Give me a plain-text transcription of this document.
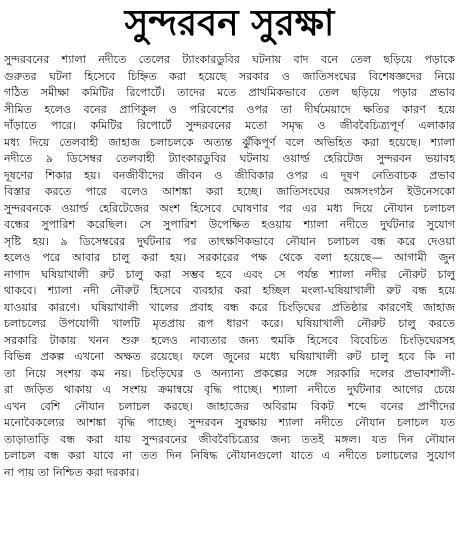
সুন্দরবন সুরক্ষা
সুন্দরবনের শ্যালা নদীতে তেলের ট্যাংকারডুবির ঘটনায় বাদ বনে তেল ছড়িয়ে পড়াকে
গুরুতর ঘটনা হিসেবে চিহ্নিত করা হয়েছে সরকার ও জাতিসংঘের বিশেষজ্ঞদের নিয়ে
গঠিত সমীক্ষা কমিটির রিপোর্টে। তাদের মতে প্রাথমিকভাবে তেল ছড়িয়ে পড়ার প্রভাব
সীমিত হলেও বনের প্রাণিকুল ও পরিবেশের ওপর তা দীর্ঘমেয়াদে ক্ষতির কারণ হয়ে
দাঁড়াতে পারে। কমিটির রিপোর্টে সুন্দরবনের মতো সমৃদ্ধ ও জীববৈচিত্র্যপূর্ণ এলাকার
মধ্য দিয়ে তেলবাহী জাহাজ চলাচলকে অত্যন্ত ঝুঁকিপূর্ণ বলে অভিহিত করা হয়েছে। শ্যালা
নদীতে ৯ ডিসেম্বর তেলবাহী ট্যাংকারডুবির ঘটনায় ওয়ার্ল্ড হেরিটেজ সুন্দরবন ভয়াবহ
দূষণের শিকার হয়। বনজীবীদের জীবন ও জীবিকার ওপর এ দূষণ নেতিবাচক প্রভাব
বিস্তার করতে পারে বলেও আশঙ্কা করা হচ্ছে। জাতিসংঘের অঙ্গসংগঠন ইউনেসকো
সুন্দরবনকে ওয়ার্ল্ড হেরিটেজের অংশ হিসেবে ঘোষণার পর এর মধ্য দিয়ে নৌযান চলাচল
বন্ধের সুপারিশ করেছিল। সে সুপারিশ উপেক্ষিত হওয়ায় শ্যালা নদীতে দুর্ঘটনার সুযোগ
সৃষ্টি হয়। ৯ ডিসেম্বরের দুর্ঘটনার পর তাৎক্ষণিকভাবে নৌযান চলাচল বন্ধ করে দেওয়া
হলেও পরে আবার চালু করা হয়। সরকারের পক্ষ থেকে বলা হয়েছে— আগামী জুন
নাগাদ ঘষিয়াখালী রুট চালু করা সম্ভব হবে এবং সে পর্যন্ত শ্যালা নদীর নৌরুট চালু
থাকবে। শ্যালা নদী নৌরুট হিসেবে ব্যবহার করা হচ্ছিল মংলা-ঘষিয়াখালী রুট বন্ধ হয়ে
যাওয়ার কারণে। ঘষিয়াখালী খালের প্রবাহ বন্ধ করে চিংড়িঘের প্রতিষ্ঠার কারণেই জাহাজ
চলাচলের উপযোগী খালটি মৃতপ্রায় রূপ ধারণ করে। ঘষিয়াখালী নৌরুট চালু করতে
সরকারি টাকায় খনন শুরু হলেও নাব্যতার জন্য হুমকি হিসেবে বিবেচিত চিংড়িঘেরসহ
বিভিন্ন প্রকল্প এখনো অক্ষত রয়েছে। ফলে জুনের মধ্যে ঘষিয়াখালী রুট চালু হবে কি না
তা নিয়ে সংশয় কম নয়। চিংড়িঘের ও অন্যান্য প্রকল্পের সঙ্গে সরকারি দলের প্রভাবশালী-
রা জড়িত থাকায় এ সংশয় ক্রমান্বয়ে বৃদ্ধি পাচ্ছে। শ্যালা নদীতে দুর্ঘটনার আগের চেয়ে
এখন বেশি নৌযান চলাচল করছে। জাহাজের অবিরাম বিকট শব্দে বনের প্রাণীদের
মনোবৈকল্যের আশঙ্কা বৃদ্ধি পাচ্ছে। সুন্দরবন সুরক্ষায় শ্যালা নদীতে নৌযান চলাচল যত
তাড়াতাড়ি বন্ধ করা যায় সুন্দরবনের জীববৈচিত্র্যের জন্য ততই মঙ্গল। যত দিন নৌযান
চলাচল বন্ধ করা যাবে না তত দিন নিষিদ্ধ নৌযানগুলো যাতে এ নদীতে চলাচলের সুযোগ
না পায় তা নিশ্চিত করা দরকার।
